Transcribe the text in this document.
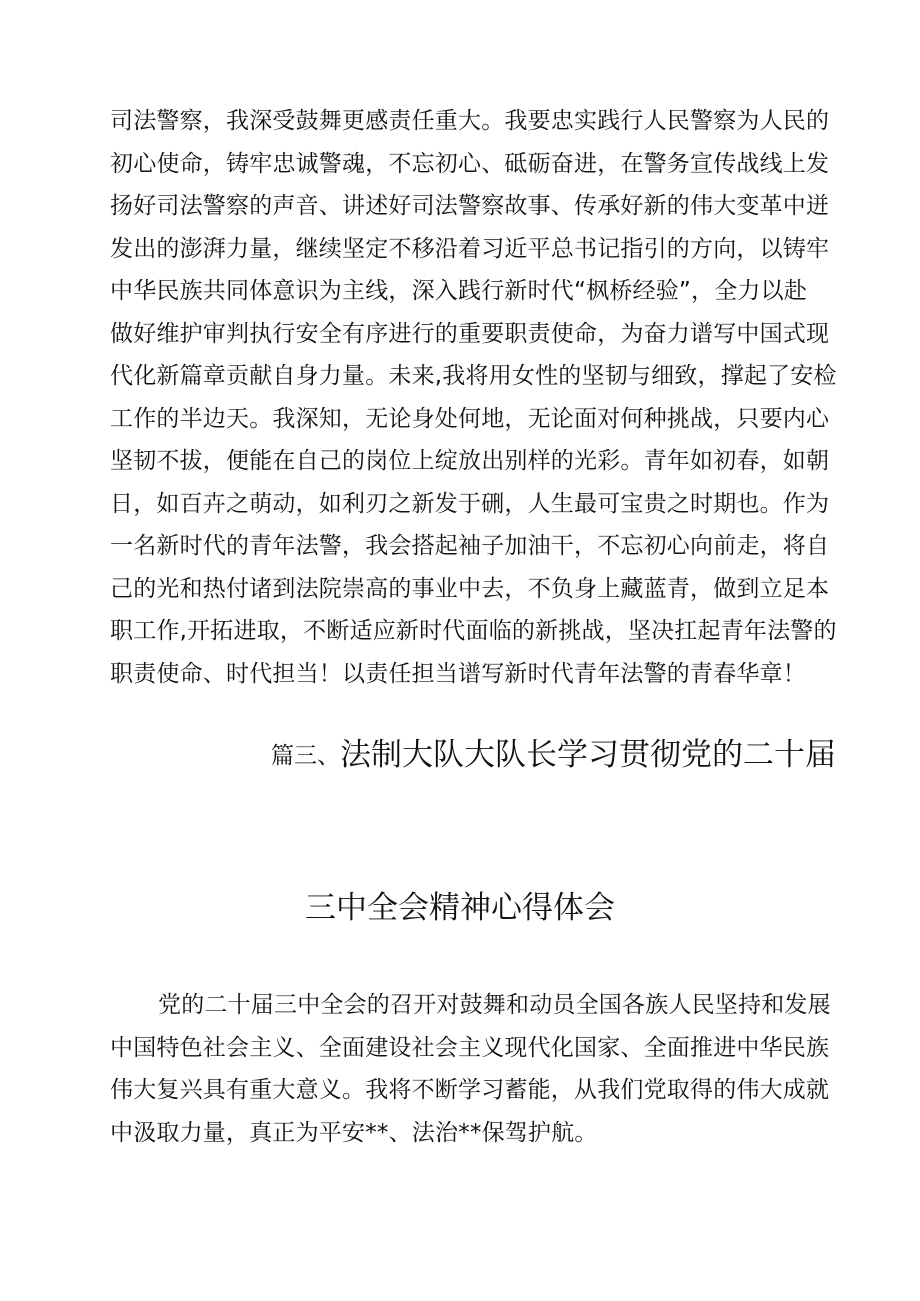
司法警察，我深受鼓舞更感责任重大。我要忠实践行人民警察为人民的
初心使命，铸牢忠诚警魂，不忘初心、砥砺奋进，在警务宣传战线上发
扬好司法警察的声音、讲述好司法警察故事、传承好新的伟大变革中迸
发出的澎湃力量，继续坚定不移沿着习近平总书记指引的方向，以铸牢
中华民族共同体意识为主线，深入践行新时代“枫桥经验”，全力以赴
做好维护审判执行安全有序进行的重要职责使命，为奋力谱写中国式现
代化新篇章贡献自身力量。未来,我将用女性的坚韧与细致，撑起了安检
工作的半边天。我深知，无论身处何地，无论面对何种挑战，只要内心
坚韧不拔，便能在自己的岗位上绽放出别样的光彩。青年如初春，如朝
日，如百卉之萌动，如利刃之新发于硎，人生最可宝贵之时期也。作为
一名新时代的青年法警，我会搭起袖子加油干，不忘初心向前走，将自
己的光和热付诸到法院崇高的事业中去，不负身上藏蓝青，做到立足本
职工作,开拓进取，不断适应新时代面临的新挑战，坚决扛起青年法警的
职责使命、时代担当！以责任担当谱写新时代青年法警的青春华章！
篇三、法制大队大队长学习贯彻党的二十届
三中全会精神心得体会
党的二十届三中全会的召开对鼓舞和动员全国各族人民坚持和发展
中国特色社会主义、全面建设社会主义现代化国家、全面推进中华民族
伟大复兴具有重大意义。我将不断学习蓄能，从我们党取得的伟大成就
中汲取力量，真正为平安**、法治**保驾护航。
